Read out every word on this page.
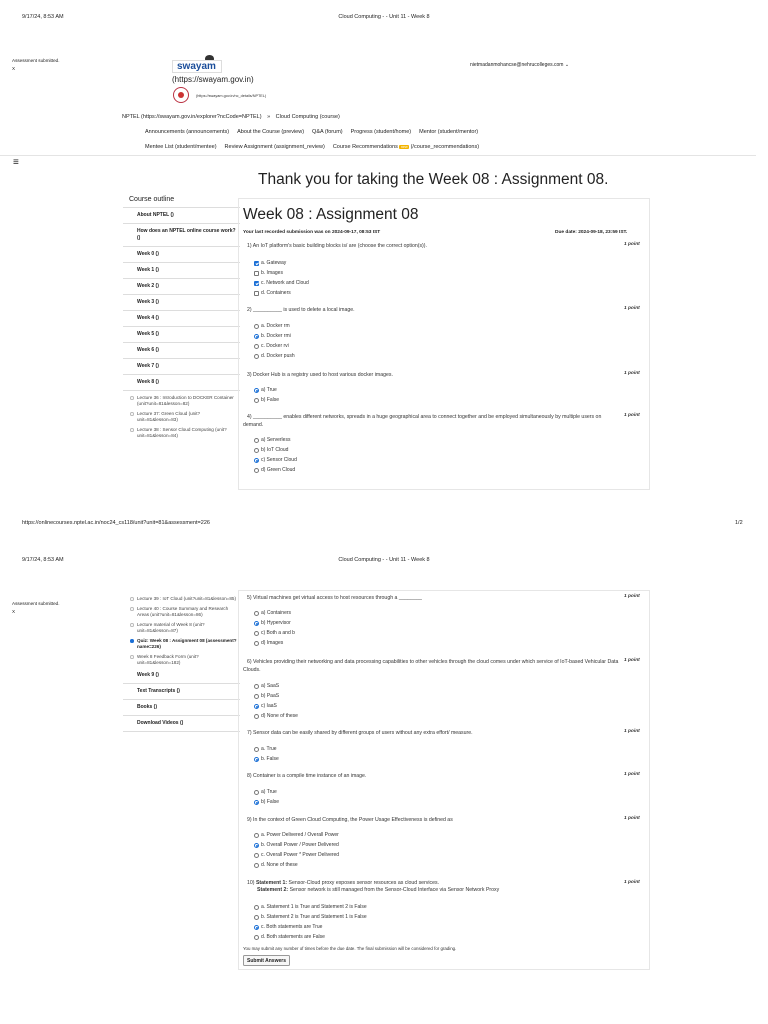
9/17/24, 8:53 AM	Cloud Computing - - Unit 11 - Week 8
Assessment submitted.
X	swayam
(https://swayam.gov.in)
(https://swayam.gov.in/nc_details/NPTEL)
nietmadanmohancse@nehrucolleges.com ⌄
NPTEL (https://swayam.gov.in/explorer?ncCode=NPTEL) » Cloud Computing (course)
Announcements (announcements) About the Course (preview) Q&A (forum) Progress (student/home) Mentor (student/mentor)
Mentee List (student/mentee) Review Assignment (assignment_review) Course Recommendations new (/course_recommendations)
≡
Thank you for taking the Week 08 : Assignment 08.
Course outline
About NPTEL ()
How does an NPTEL online course work? ()
Week 0 ()
Week 1 ()
Week 2 ()
Week 3 ()
Week 4 ()
Week 5 ()
Week 6 ()
Week 7 ()
Week 8 ()
Lecture 36 : Introduction to DOCKER Container (unit?unit=81&lesson=82)
Lecture 37: Green Cloud (unit?unit=81&lesson=83)
Lecture 38 : Sensor Cloud Computing (unit?unit=81&lesson=84)
Week 08 : Assignment 08
Your last recorded submission was on 2024-09-17, 08:53 IST	Due date: 2024-09-18, 23:59 IST.
1) An IoT platform's basic building blocks is/ are (choose the correct option(s)).	1 point
a. Gateway
b. Images
c. Network and Cloud
d. Containers
2) __________ is used to delete a local image.	1 point
a. Docker rm
b. Docker rmi
c. Docker rvi
d. Docker push
3) Docker Hub is a registry used to host various docker images.	1 point
a) True
b) False
4) __________ enables different networks, spreads in a huge geographical area to connect together and be employed simultaneously by multiple users on demand.
1 point
a) Serverless
b) IoT Cloud
c) Sensor Cloud
d) Green Cloud
https://onlinecourses.nptel.ac.in/noc24_cs118/unit?unit=81&assessment=226	1/2
9/17/24, 8:53 AM	Cloud Computing - - Unit 11 - Week 8
Assessment submitted.
X
Lecture 39 : IoT Cloud (unit?unit=81&lesson=85)
Lecture 40 : Course Summary and Research Areas (unit?unit=81&lesson=86)
Lecture material of Week 8 (unit?unit=81&lesson=87)
Quiz: Week 08 : Assignment 08 (assessment?name=226)
Week 8 Feedback Form (unit?unit=81&lesson=182)
Week 9 ()
Text Transcripts ()
Books ()
Download Videos ()
5) Virtual machines get virtual access to host resources through a ________	1 point
a) Containers
b) Hypervisor
c) Both a and b
d) Images
6) Vehicles providing their networking and data processing capabilities to other vehicles through the cloud comes under which service of IoT-based Vehicular Data Clouds.
1 point
a) SaaS
b) PaaS
c) IaaS
d) None of these
7) Sensor data can be easily shared by different groups of users without any extra effort/ measure.	1 point
a. True
b. False
8) Container is a compile time instance of an image.	1 point
a) True
b) False
9) In the context of Green Cloud Computing, the Power Usage Effectiveness is defined as	1 point
a. Power Delivered / Overall Power
b. Overall Power / Power Delivered
c. Overall Power * Power Delivered
d. None of these
10) Statement 1: Sensor-Cloud proxy exposes sensor resources as cloud services.
Statement 2: Sensor network is still managed from the Sensor-Cloud Interface via Sensor Network Proxy
1 point
a. Statement 1 is True and Statement 2 is False
b. Statement 2 is True and Statement 1 is False
c. Both statements are True
d. Both statements are False
You may submit any number of times before the due date. The final submission will be considered for grading.
Submit Answers
